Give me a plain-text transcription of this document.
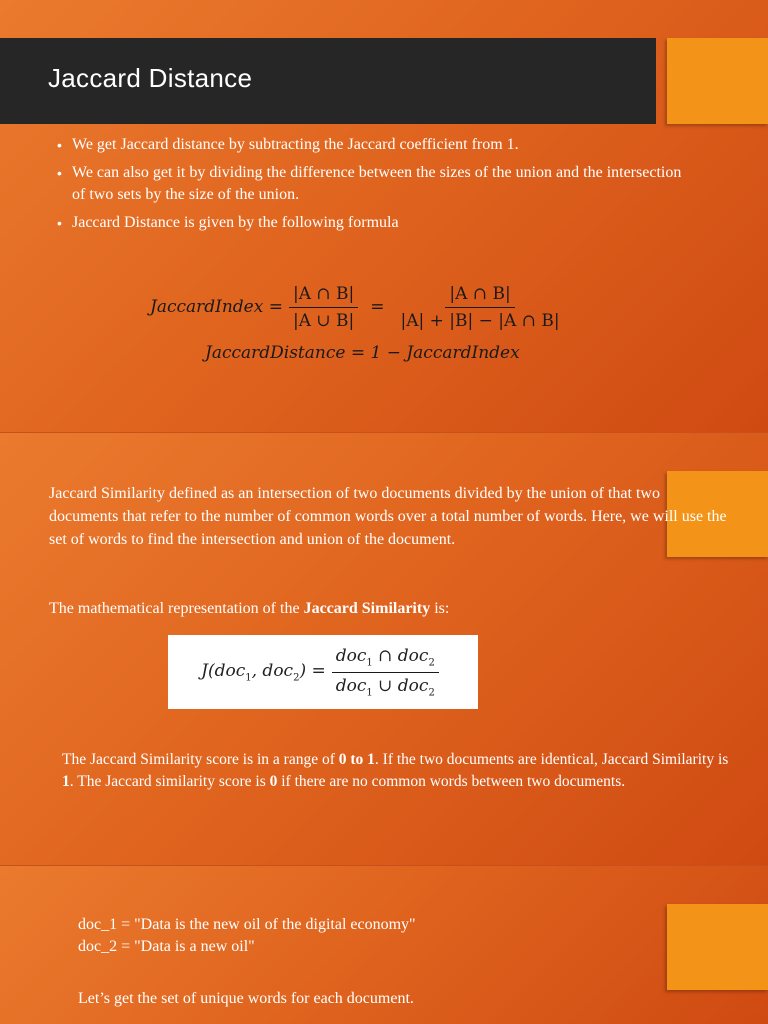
Jaccard Distance
• We get Jaccard distance by subtracting the Jaccard coefficient from 1.
• We can also get it by dividing the difference between the sizes of the union and the intersection of two sets by the size of the union.
• Jaccard Distance is given by the following formula
JaccardIndex = $\frac{|A \cap B|}{|A \cup B|} = \frac{|A \cap B|}{|A| + |B| - |A \cap B|}$
JaccardDistance = 1 − JaccardIndex
Jaccard Similarity defined as an intersection of two documents divided by the union of that two documents that refer to the number of common words over a total number of words. Here, we will use the set of words to find the intersection and union of the document.
The mathematical representation of the Jaccard Similarity is:
J(doc$_1$, $doc_2) = \frac{doc_1 \cap doc_2}{doc_1 \cup doc_2}$
The Jaccard Similarity score is in a range of 0 to 1. If the two documents are identical, Jaccard Similarity is 1. The Jaccard similarity score is 0 if there are no common words between two documents.
doc_1 = "Data is the new oil of the digital economy"
doc_2 = "Data is a new oil"
Let’s get the set of unique words for each document.
